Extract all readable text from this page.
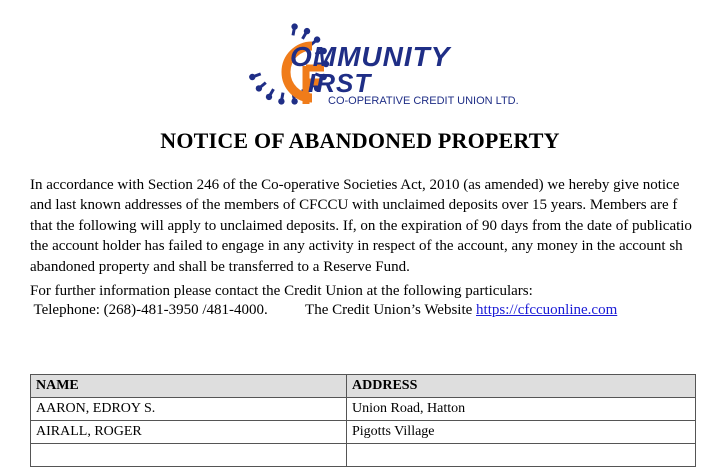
OMMUNITY
IRST
CO-OPERATIVE CREDIT UNION LTD.
NOTICE OF ABANDONED PROPERTY
In accordance with Section 246 of the Co-operative Societies Act, 2010 (as amended) we hereby give notice
and last known addresses of the members of CFCCU with unclaimed deposits over 15 years. Members are f
that the following will apply to unclaimed deposits. If, on the expiration of 90 days from the date of publicatio
the account holder has failed to engage in any activity in respect of the account, any money in the account sh
abandoned property and shall be transferred to a Reserve Fund.
For further information please contact the Credit Union at the following particulars:
Telephone: (268)-481-3950 /481-4000. The Credit Union’s Website https://cfccuonline.com
NAME	ADDRESS
AARON, EDROY S.	Union Road, Hatton
AIRALL, ROGER	Pigotts Village
